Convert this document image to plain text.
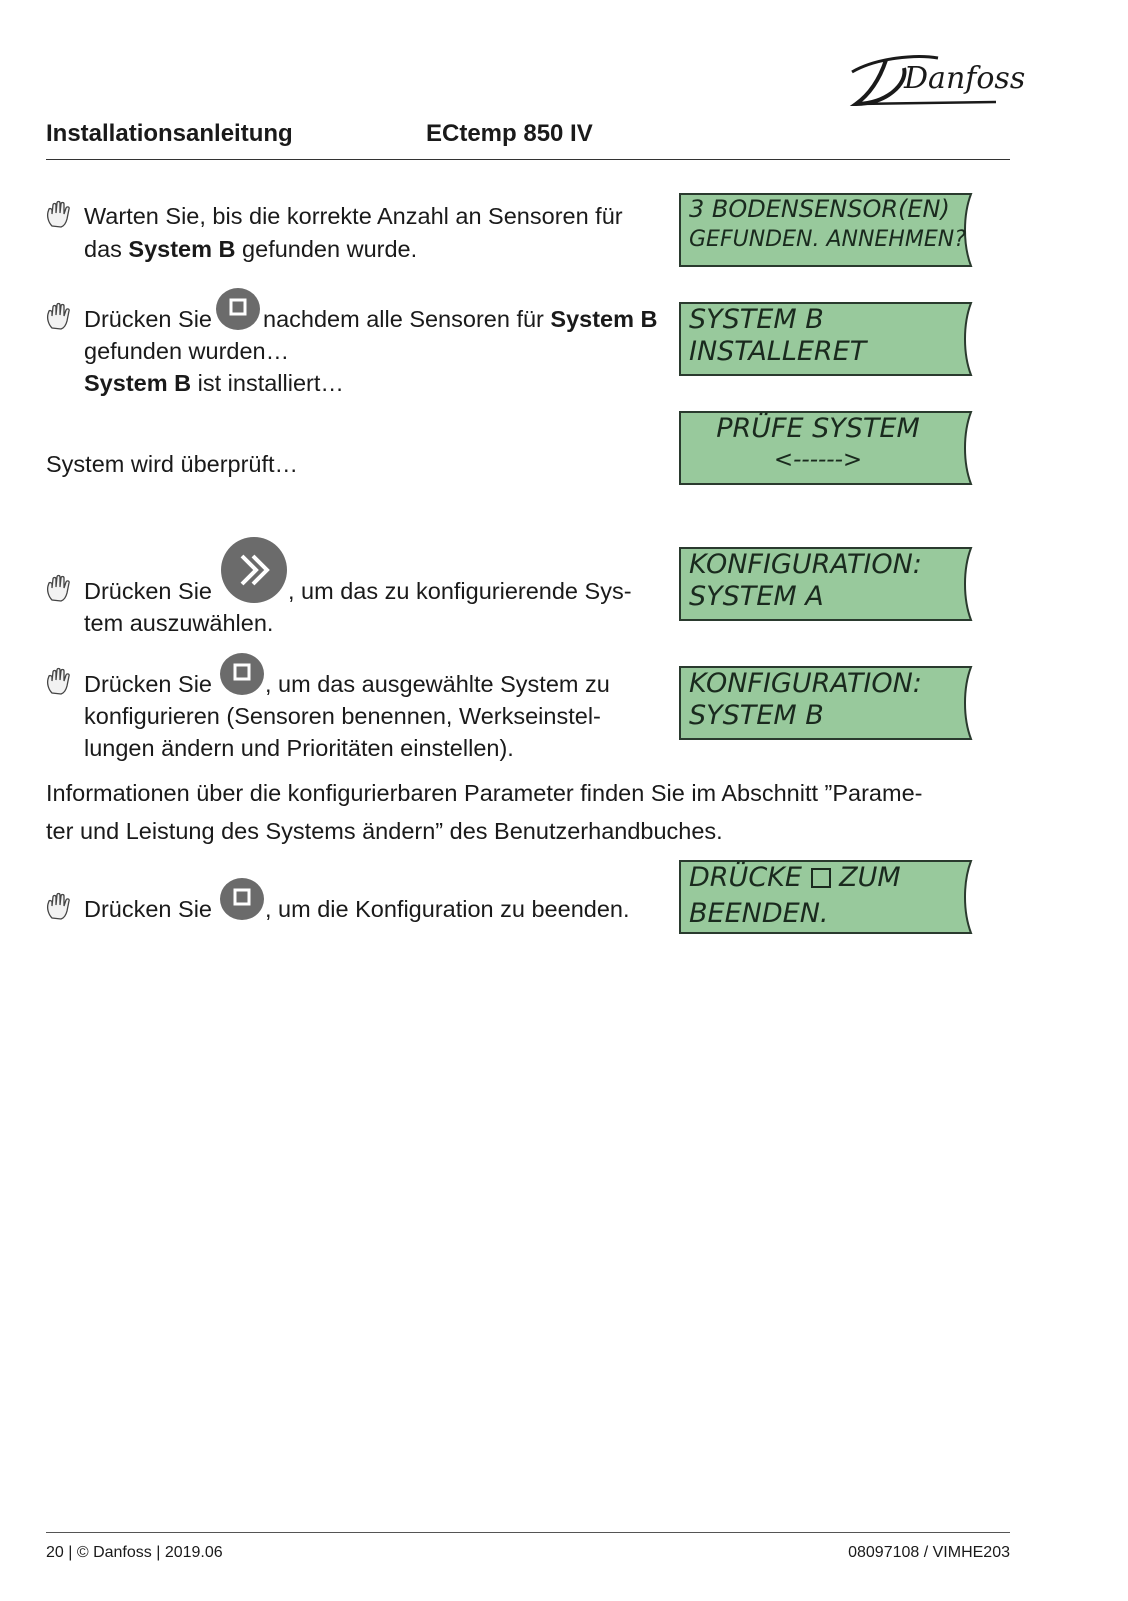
Danfoss
Installationsanleitung	ECtemp 850 IV
Warten Sie, bis die korrekte Anzahl an Sensoren für
das System B gefunden wurde.
Drücken Sie nachdem alle Sensoren für System B
gefunden wurden…
System B ist installiert…
System wird überprüft…
Drücken Sie	, um das zu konfigurierende Sys-
tem auszuwählen.
Drücken Sie , um das ausgewählte System zu
konfigurieren (Sensoren benennen, Werkseinstel-
lungen ändern und Prioritäten einstellen).
Informationen über die konfigurierbaren Parameter finden Sie im Abschnitt ”Parame-
ter und Leistung des Systems ändern” des Benutzerhandbuches.
Drücken Sie , um die Konfiguration zu beenden.
3 BODENSENSOR(EN)
GEFUNDEN. ANNEHMEN?
SYSTEM B
INSTALLERET
PRÜFE SYSTEM
<------>
KONFIGURATION:
SYSTEM A
KONFIGURATION:
SYSTEM B
DRÜCKE  ZUM
BEENDEN.
20 | © Danfoss | 2019.06	08097108 / VIMHE203
